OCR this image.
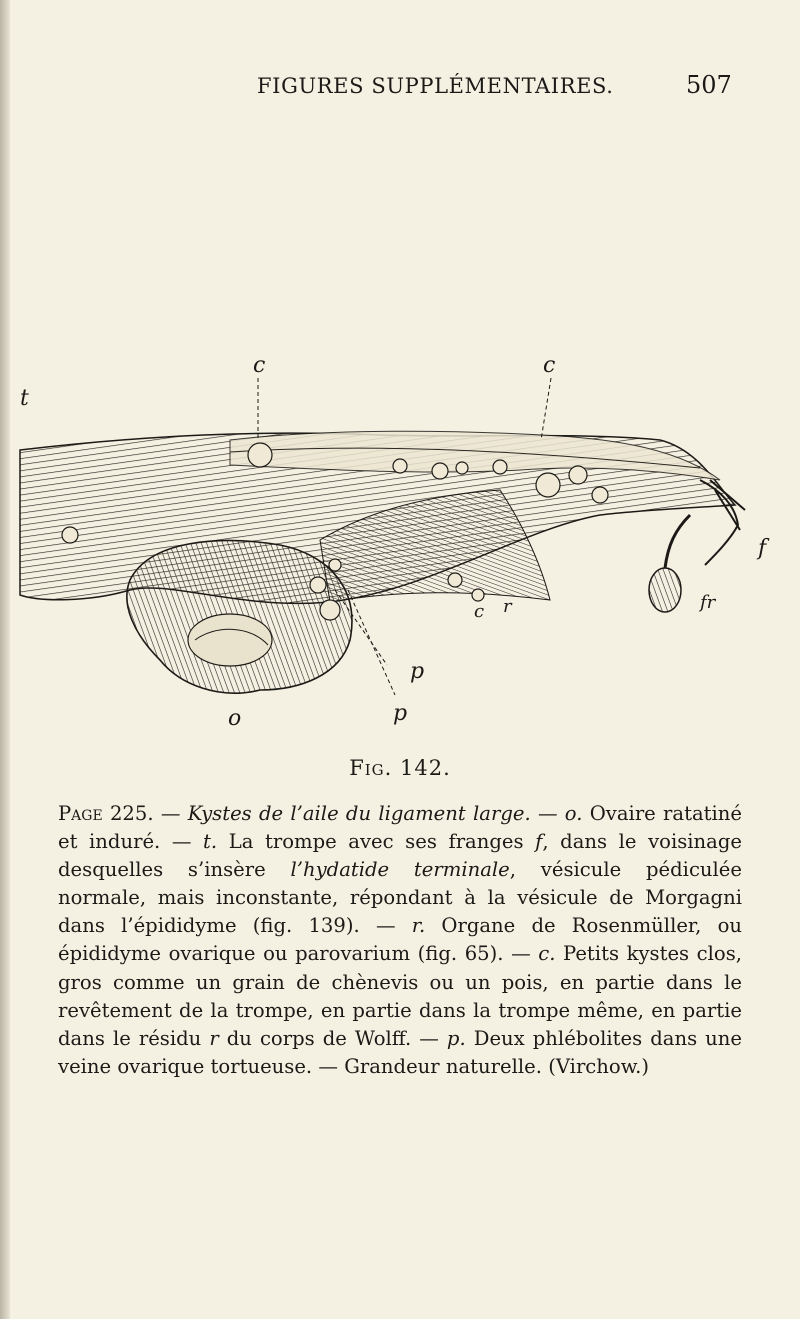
FIGURES SUPPLÉMENTAIRES.	507
c	c
t
f
fr
c r
p
o	p
Fig. 142.

Page 225. — Kystes de l’aile du ligament large. — o. Ovaire ratatiné et induré. — t. La trompe avec ses franges f, dans le voisinage desquelles s’insère l’hydatide terminale, vésicule pédiculée normale, mais inconstante, répondant à la vésicule de Morgagni dans l’épididyme (fig. 139). — r. Organe de Rosenmüller, ou épididyme ovarique ou parovarium (fig. 65). — c. Petits kystes clos, gros comme un grain de chènevis ou un pois, en partie dans le revêtement de la trompe, en partie dans la trompe même, en partie dans le résidu r du corps de Wolff. — p. Deux phlébolites dans une veine ovarique tortueuse. — Grandeur naturelle. (Virchow.)
